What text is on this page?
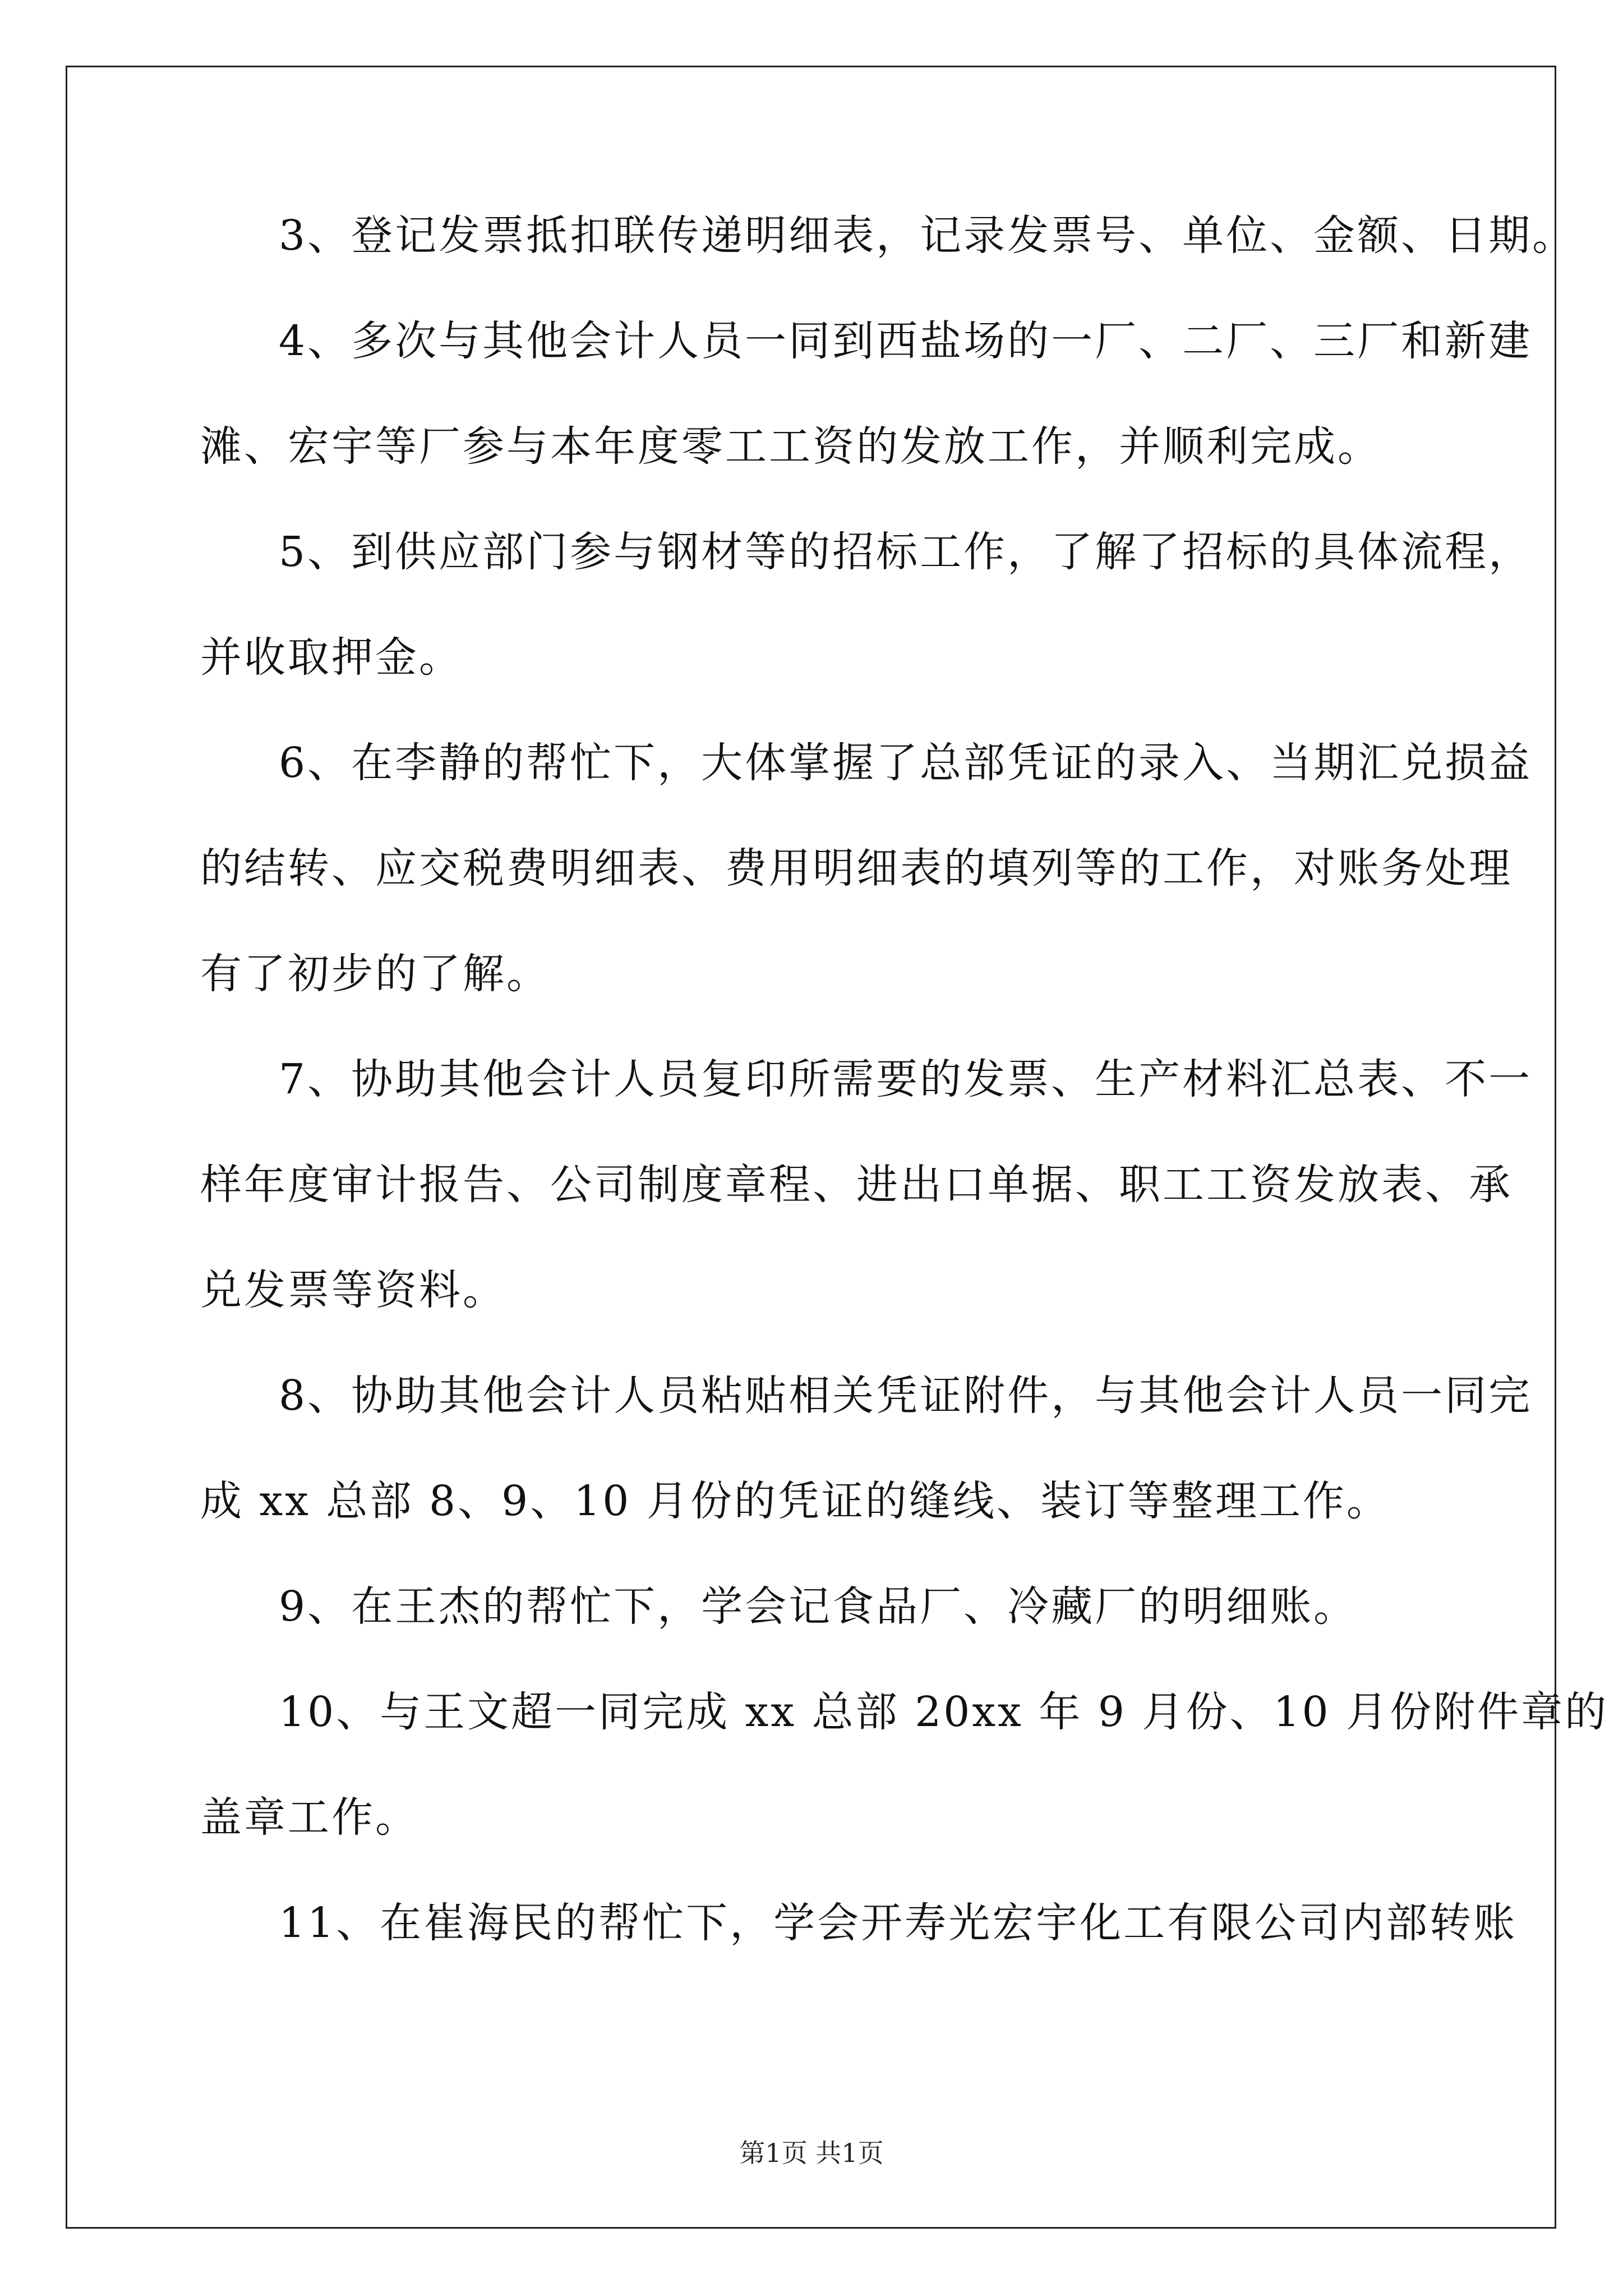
3、登记发票抵扣联传递明细表，记录发票号、单位、金额、日期。
4、多次与其他会计人员一同到西盐场的一厂、二厂、三厂和新建
滩、宏宇等厂参与本年度零工工资的发放工作，并顺利完成。
5、到供应部门参与钢材等的招标工作，了解了招标的具体流程，
并收取押金。
6、在李静的帮忙下，大体掌握了总部凭证的录入、当期汇兑损益
的结转、应交税费明细表、费用明细表的填列等的工作，对账务处理
有了初步的了解。
7、协助其他会计人员复印所需要的发票、生产材料汇总表、不一
样年度审计报告、公司制度章程、进出口单据、职工工资发放表、承
兑发票等资料。
8、协助其他会计人员粘贴相关凭证附件，与其他会计人员一同完
成 xx 总部 8、9、10 月份的凭证的缝线、装订等整理工作。
9、在王杰的帮忙下，学会记食品厂、冷藏厂的明细账。
10、与王文超一同完成 xx 总部 20xx 年 9 月份、10 月份附件章的
盖章工作。
11、在崔海民的帮忙下，学会开寿光宏宇化工有限公司内部转账
第1页 共1页
